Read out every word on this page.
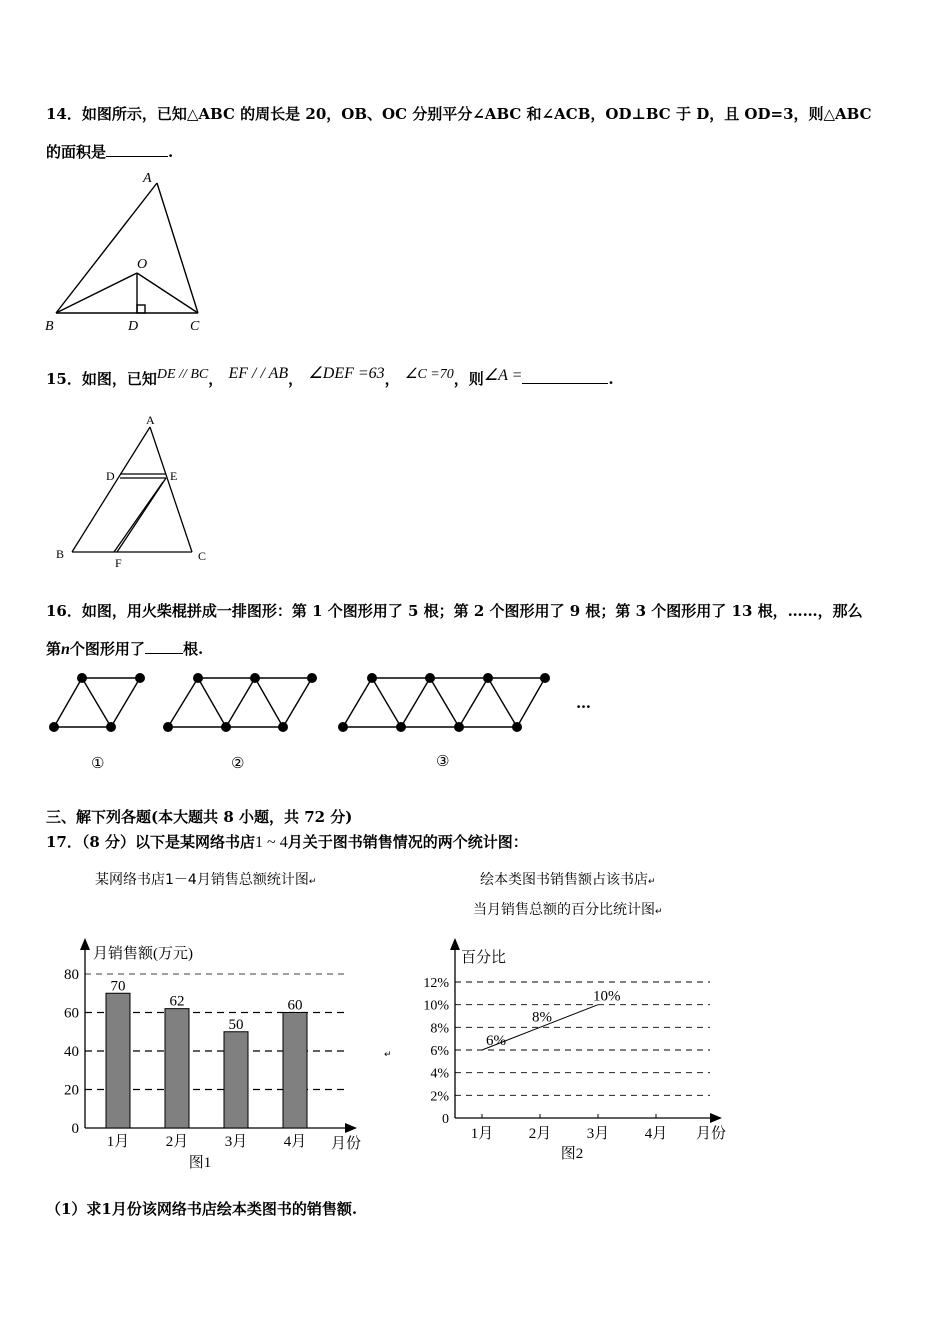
14．如图所示，已知△ABC 的周长是 20，OB、OC 分别平分∠ABC 和∠ACB，OD⊥BC 于 D，且 OD=3，则△ABC
的面积是	.
A
O
B	D	C
15．如图，已知DE // BC， EF / / AB， ∠DEF =63， ∠C =70，则∠A =	.
A
D	E
B
F	C
16．如图，用火柴棍拼成一排图形：第 1 个图形用了 5 根；第 2 个图形用了 9 根；第 3 个图形用了 13 根，……，那么
第n个图形用了	根.
…
①	②	③
三、解下列各题(本大题共 8 小题，共 72 分)
17．（8 分）以下是某网络书店1 ~ 4月关于图书销售情况的两个统计图：
某网络书店1－4月销售总额统计图↵	绘本类图书销售额占该书店↵
当月销售总额的百分比统计图↵
↵
0
20
40
60
80
月销售额(万元)
月份
70
1月
62
2月
50
3月
60
4月
图1
0
2%
4%
6%
8%
10%
12%
百分比
月份
1月 2月 3月 4月
6%
8%
10%
图2
（1）求1月份该网络书店绘本类图书的销售额.
